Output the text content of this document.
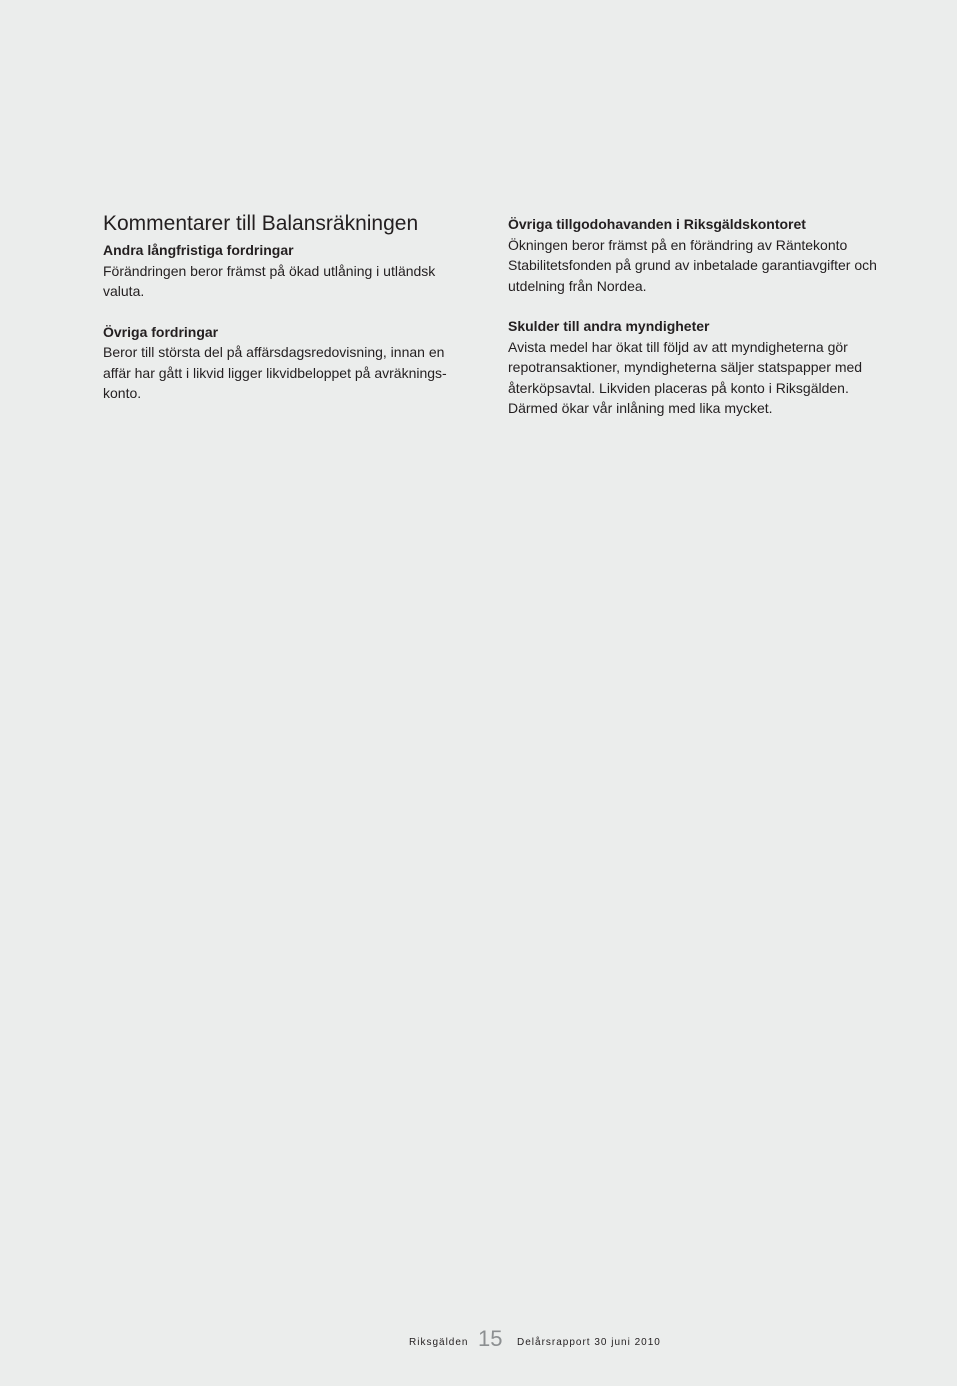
Kommentarer till Balansräkningen

Andra långfristiga fordringar

Förändringen beror främst på ökad utlåning i utländsk valuta.

Övriga fordringar

Beror till största del på affärsdagsredovisning, innan en affär har gått i likvid ligger likvidbeloppet på avräknings-konto.

Övriga tillgodohavanden i Riksgäldskontoret

Ökningen beror främst på en förändring av Räntekonto Stabilitetsfonden på grund av inbetalade garantiavgifter och utdelning från Nordea.

Skulder till andra myndigheter

Avista medel har ökat till följd av att myndigheterna gör repotransaktioner, myndigheterna säljer statspapper med återköpsavtal. Likviden placeras på konto i Riksgälden. Därmed ökar vår inlåning med lika mycket.

Riksgälden 15 Delårsrapport 30 juni 2010
